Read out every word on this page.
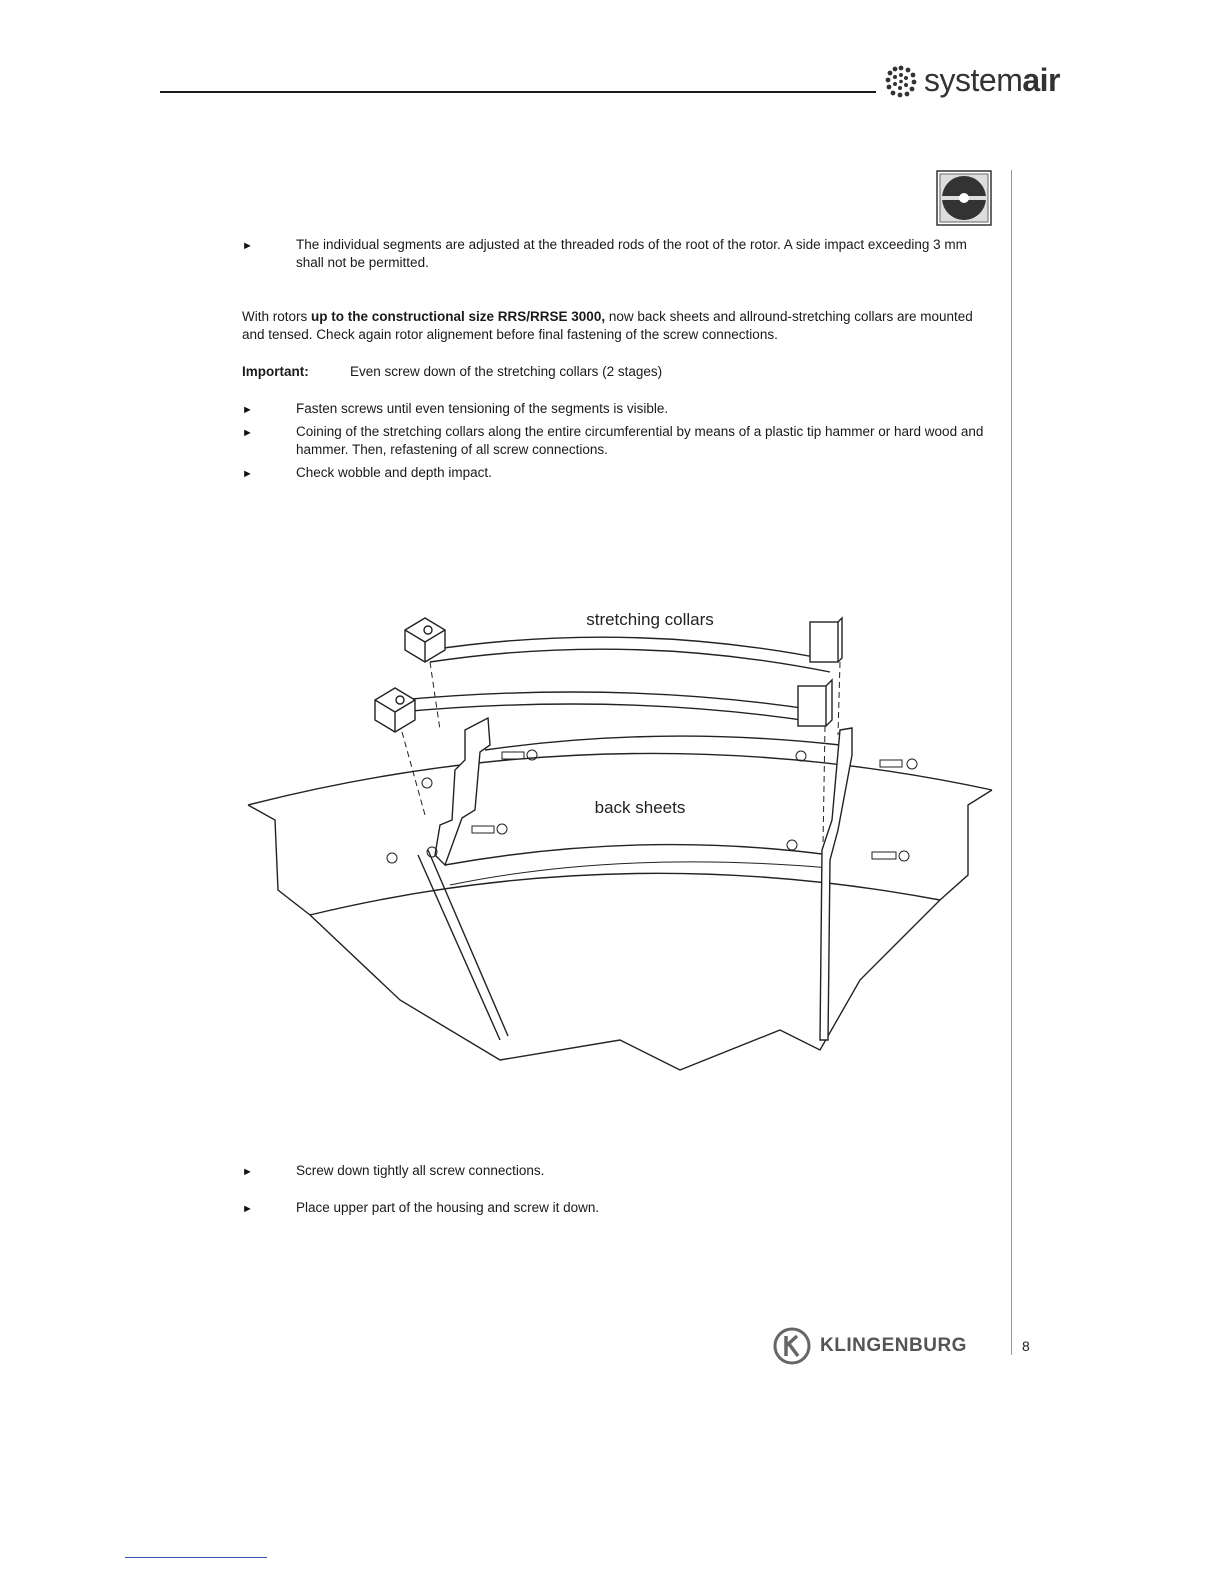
systemair
►	The individual segments are adjusted at the threaded rods of the root of the rotor. A side impact exceeding 3 mm shall not be permitted.
With rotors up to the constructional size RRS/RRSE 3000, now back sheets and allround-stretching collars are mounted and tensed. Check again rotor alignement before final fastening of the screw connections.
Important:	Even screw down of the stretching collars (2 stages)
►	Fasten screws until even tensioning of the segments is visible.
►	Coining of the stretching collars along the entire circumferential by means of a plastic tip hammer or hard wood and hammer. Then, refastening of all screw connections.
►	Check wobble and depth impact.
stretching collars
back sheets
►	Screw down tightly all screw connections.
►	Place upper part of the housing and screw it down.
KLINGENBURG	8
